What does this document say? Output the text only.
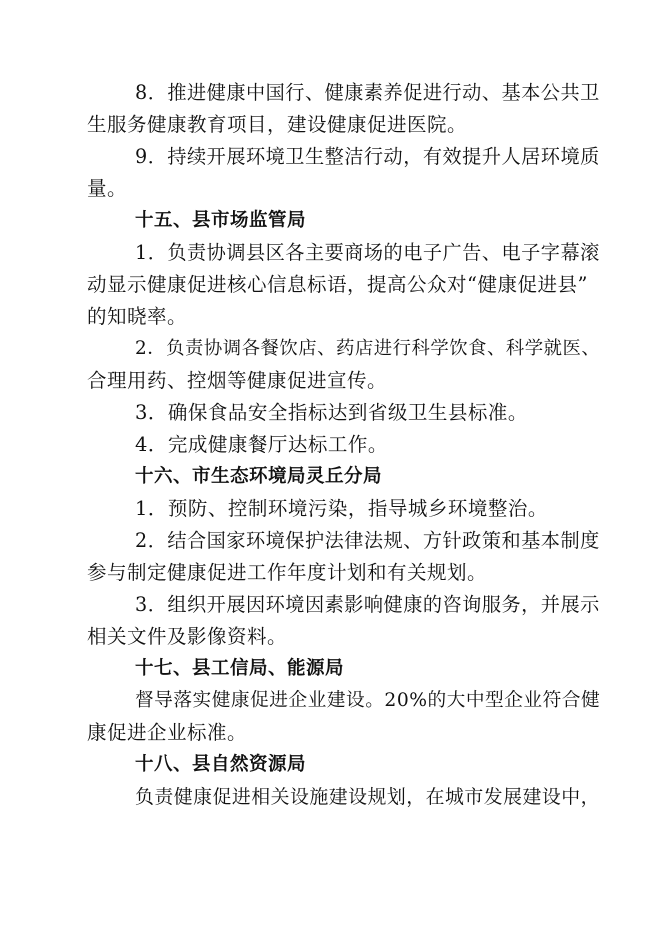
8．推进健康中国行、健康素养促进行动、基本公共卫
生服务健康教育项目，建设健康促进医院。
9．持续开展环境卫生整洁行动，有效提升人居环境质
量。
十五、县市场监管局
1．负责协调县区各主要商场的电子广告、电子字幕滚
动显示健康促进核心信息标语，提高公众对“健康促进县”
的知晓率。
2．负责协调各餐饮店、药店进行科学饮食、科学就医、
合理用药、控烟等健康促进宣传。
3．确保食品安全指标达到省级卫生县标准。
4．完成健康餐厅达标工作。
十六、市生态环境局灵丘分局
1．预防、控制环境污染，指导城乡环境整治。
2．结合国家环境保护法律法规、方针政策和基本制度
参与制定健康促进工作年度计划和有关规划。
3．组织开展因环境因素影响健康的咨询服务，并展示
相关文件及影像资料。
十七、县工信局、能源局
督导落实健康促进企业建设。20%的大中型企业符合健
康促进企业标准。
十八、县自然资源局
负责健康促进相关设施建设规划，在城市发展建设中，
